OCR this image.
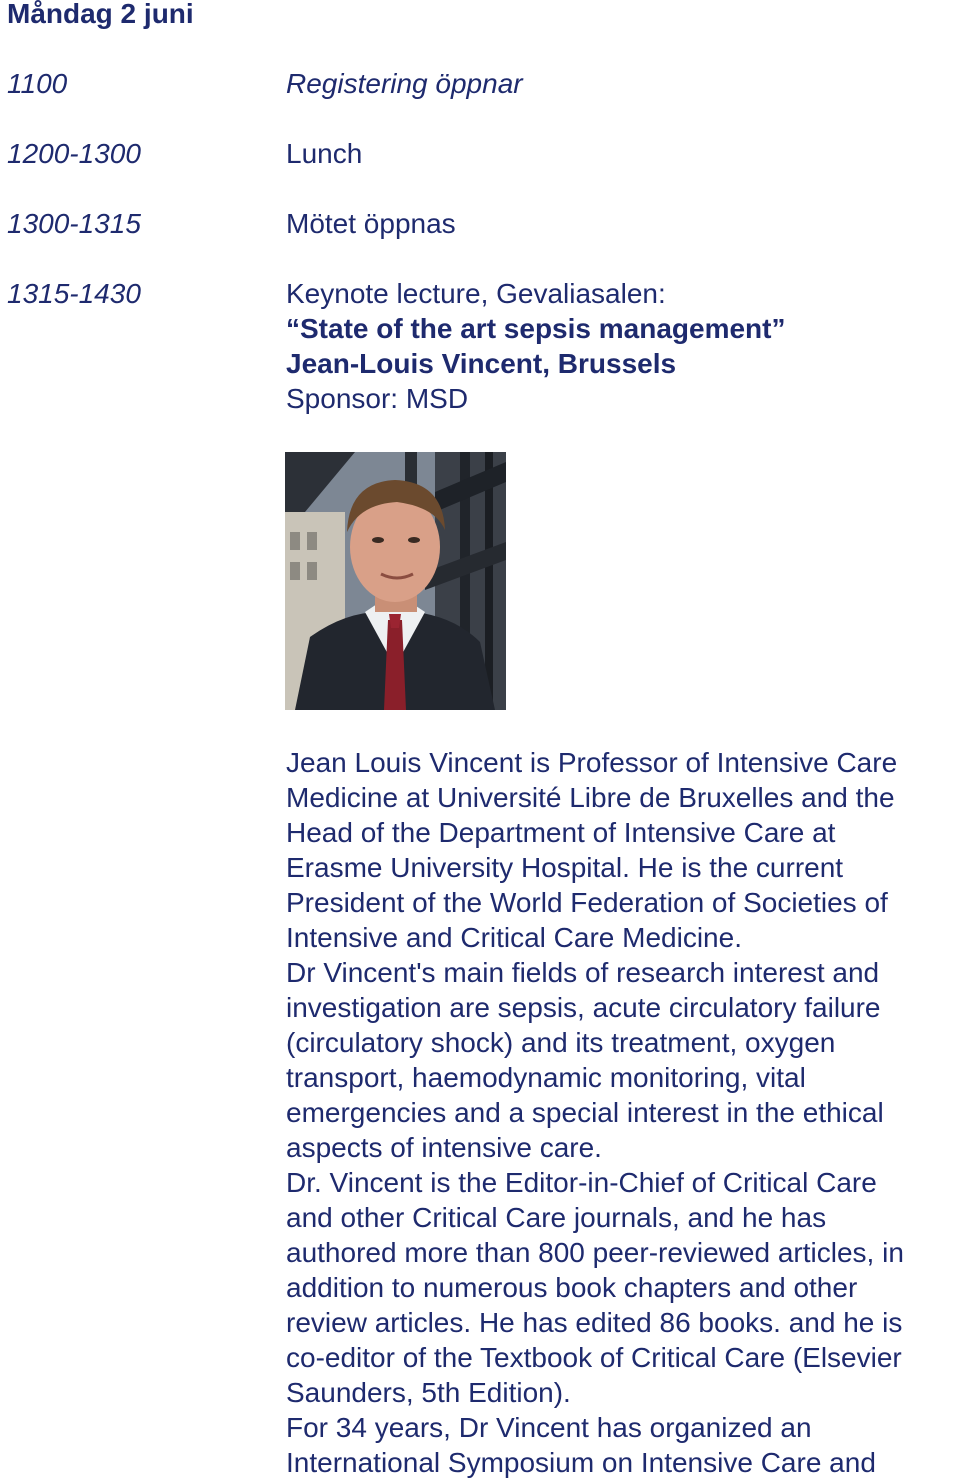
Måndag 2 juni
1100	Registering öppnar
1200-1300	Lunch
1300-1315	Mötet öppnas
1315-1430	Keynote lecture, Gevaliasalen:
“State of the art sepsis management”
Jean-Louis Vincent, Brussels
Sponsor: MSD

Jean Louis Vincent is Professor of Intensive Care

Medicine at Université Libre de Bruxelles and the

Head of the Department of Intensive Care at

Erasme University Hospital. He is the current

President of the World Federation of Societies of

Intensive and Critical Care Medicine.

Dr Vincent's main fields of research interest and

investigation are sepsis, acute circulatory failure

(circulatory shock) and its treatment, oxygen

transport, haemodynamic monitoring, vital

emergencies and a special interest in the ethical

aspects of intensive care.

Dr. Vincent is the Editor-in-Chief of Critical Care

and other Critical Care journals, and he has

authored more than 800 peer-reviewed articles, in

addition to numerous book chapters and other

review articles. He has edited 86 books. and he is

co-editor of the Textbook of Critical Care (Elsevier

Saunders, 5th Edition).

For 34 years, Dr Vincent has organized an

International Symposium on Intensive Care and
